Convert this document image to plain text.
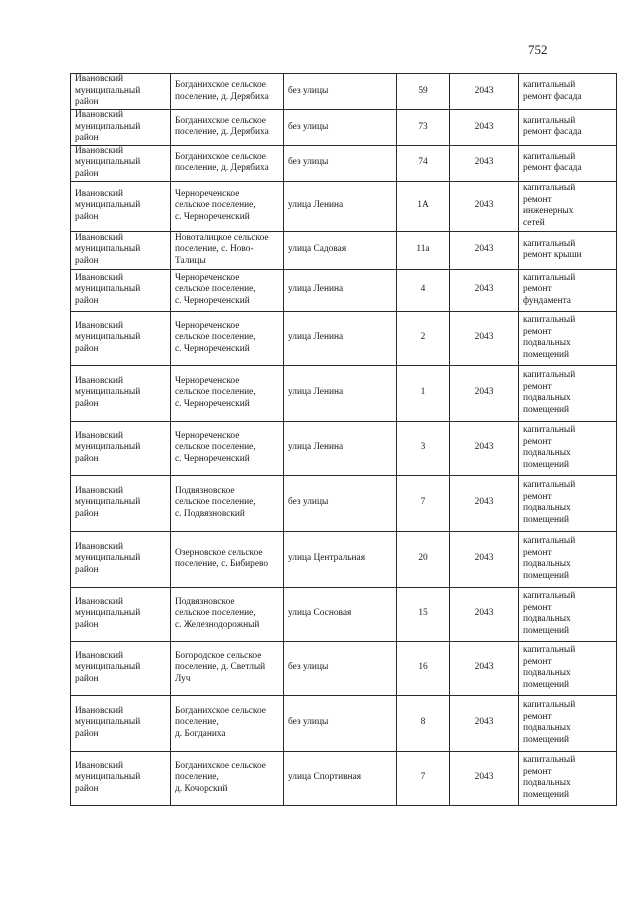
752
Ивановский
муниципальный
район	Богданихское сельское
поселение, д. Дерябиха	без улицы	59	2043	капитальный
ремонт фасада

Ивановский
муниципальный
район	Богданихское сельское
поселение, д. Дерябиха	без улицы	73	2043	капитальный
ремонт фасада

Ивановский
муниципальный
район	Богданихское сельское
поселение, д. Дерябиха	без улицы	74	2043	капитальный
ремонт фасада

Ивановский
муниципальный
район	Чернореченское
сельское поселение,
с. Чернореченский	улица Ленина	1А	2043	капитальный
ремонт
инженерных
сетей

Ивановский
муниципальный
район	Новоталицкое сельское
поселение, с. Ново-
Талицы	улица Садовая	11а	2043	капитальный
ремонт крыши

Ивановский
муниципальный
район	Чернореченское
сельское поселение,
с. Чернореченский	улица Ленина	4	2043	капитальный
ремонт
фундамента

Ивановский
муниципальный
район	Чернореченское
сельское поселение,
с. Чернореченский	улица Ленина	2	2043	капитальный
ремонт
подвальных
помещений

Ивановский
муниципальный
район	Чернореченское
сельское поселение,
с. Чернореченский	улица Ленина	1	2043	капитальный
ремонт
подвальных
помещений

Ивановский
муниципальный
район	Чернореченское
сельское поселение,
с. Чернореченский	улица Ленина	3	2043	капитальный
ремонт
подвальных
помещений

Ивановский
муниципальный
район	Подвязновское
сельское поселение,
с. Подвязновский	без улицы	7	2043	капитальный
ремонт
подвальных
помещений

Ивановский
муниципальный
район	Озерновское сельское
поселение, с. Бибирево	улица Центральная	20	2043	капитальный
ремонт
подвальных
помещений

Ивановский
муниципальный
район	Подвязновское
сельское поселение,
с. Железнодорожный	улица Сосновая	15	2043	капитальный
ремонт
подвальных
помещений

Ивановский
муниципальный
район	Богородское сельское
поселение, д. Светлый
Луч	без улицы	16	2043	капитальный
ремонт
подвальных
помещений

Ивановский
муниципальный
район	Богданихское сельское
поселение,
д. Богданиха	без улицы	8	2043	капитальный
ремонт
подвальных
помещений

Ивановский
муниципальный
район	Богданихское сельское
поселение,
д. Кочорский	улица Спортивная	7	2043	капитальный
ремонт
подвальных
помещений
